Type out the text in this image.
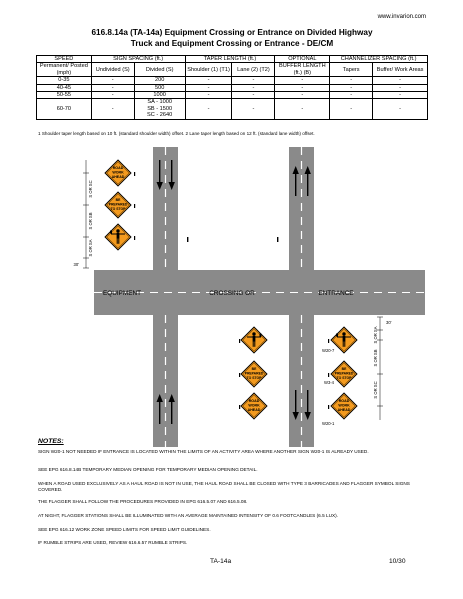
www.invarion.com
616.8.14a (TA-14a) Equipment Crossing or Entrance on Divided Highway
Truck and Equipment Crossing or Entrance - DE/CM
SPEED	SIGN SPACING (ft.)		TAPER LENGTH (ft.)		OPTIONAL	CHANNELIZER SPACING (ft.)	
Permanent/ Posted (mph)	Undivided (S)	Divided (S)	Shoulder (1) (T1)	Lane (2) (T2)	BUFFER LENGTH (ft.) (B)	Tapers	Buffer/ Work Areas
0-35	-	200	-	-	-	-	-
40-45	-	500	-	-	-	-	-
50-55	-	1000	-	-	-	-	-
60-70	-	SA - 1000
SB - 1500
SC - 2640	-	-	-	-	-
1 Shoulder taper length based on 10 ft. (standard shoulder width) offset. 2 Lane taper length based on 12 ft. (standard lane width) offset.
EQUIPMENT	CROSSING OR	ENTRANCE
ROAD
WORK
AHEAD
BE
PREPARED
TO STOP
S OR SC
S OR SB
S OR SA
30'
BE
PREPARED
TO STOP
ROAD
WORK
AHEAD
BE
PREPARED
TO STOP
ROAD
WORK
AHEAD
W20-7
W3-4
W20-1
S OR SA
S OR SB
S OR SC
30'
NOTES:
SIGN W20-1 NOT NEEDED IF ENTRANCE IS LOCATED WITHIN THE LIMITS OF AN ACTIVITY AREA WHERE ANOTHER SIGN W20-1 IS ALREADY USED.
SEE EPG 616.8.14B TEMPORARY MEDIAN OPENING FOR TEMPORARY MEDIAN OPENING DETAIL.
WHEN A ROAD USED EXCLUSIVELY AS A HAUL ROAD IS NOT IN USE, THE HAUL ROAD SHALL BE CLOSED WITH TYPE 3 BARRICADES AND FLAGGER SYMBOL SIGNS COVERED.
THE FLAGGER SHALL FOLLOW THE PROCEDURES PROVIDED IN EPG 616.5.07 AND 616.5.08.
AT NIGHT, FLAGGER STATIONS SHALL BE ILLUMINATED WITH AN AVERAGE MAINTAINED INTENSITY OF 0.6 FOOTCANDLES (6.5 LUX).
SEE EPG 616.12 WORK ZONE SPEED LIMITS FOR SPEED LIMIT GUIDELINES.
IF RUMBLE STRIPS ARE USED, REVIEW 616.6.57 RUMBLE STRIPS.
TA-14a	10/30
